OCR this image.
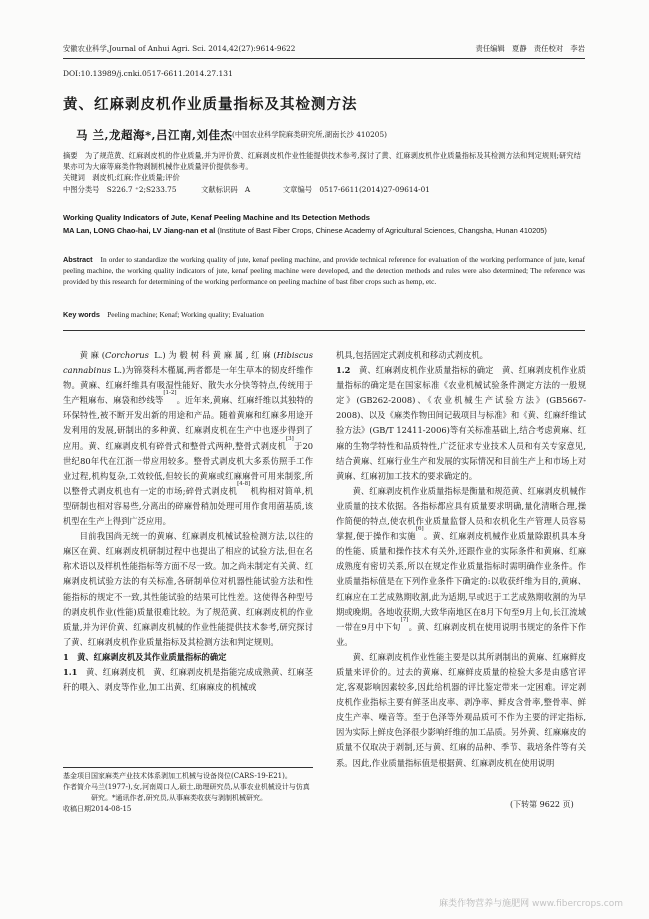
安徽农业科学,Journal of Anhui Agri. Sci. 2014,42(27):9614-9622	责任编辑　夏静　责任校对　李岩
DOI:10.13989/j.cnki.0517-6611.2014.27.131
黄、红麻剥皮机作业质量指标及其检测方法
马 兰,龙超海*,吕江南,刘佳杰 (中国农业科学院麻类研究所,湖南长沙 410205)
摘要　 为了规范黄、红麻剥皮机的作业质量,并为评价黄、红麻剥皮机作业性能提供技术参考,探讨了黄、红麻剥皮机作业质量指标及其检测方法和判定规则;研究结果亦可为大麻等麻类作物剥制机械作业质量评价提供参考。
关键词　 剥皮机;红麻;作业质量;评价
中图分类号　 S226.7 ⁺2;S233.75	文献标识码　 A	文章编号　 0517-6611(2014)27-09614-01
Working Quality Indicators of Jute, Kenaf Peeling Machine and Its Detection Methods
MA Lan, LONG Chao-hai, LV Jiang-nan et al (Institute of Bast Fiber Crops, Chinese Academy of Agricultural Sciences, Changsha, Hunan 410205)
Abstract　 In order to standardize the working quality of jute, kenaf peeling machine, and provide technical reference for evaluation of the working performance of jute, kenaf peeling machine, the working quality indicators of jute, kenaf peeling machine were developed, and the detection methods and rules were also determined; The reference was provided by this research for determining of the working performance on peeling machine of bast fiber crops such as hemp, etc.
Key words　 Peeling machine; Kenaf; Working quality; Evaluation

黄麻(Corchorus L.)为椴树科黄麻属,红麻(Hibiscus cannabinus L.)为锦葵科木槿属,两者都是一年生草本的韧皮纤维作物。黄麻、红麻纤维具有吸湿性能好、散失水分快等特点,传统用于生产粗麻布、麻袋和纱线等[1-2]。近年来,黄麻、红麻纤维以其独特的环保特性,被不断开发出新的用途和产品。随着黄麻和红麻多用途开发利用的发展,研制出的多种黄、红麻剥皮机在生产中也逐步得到了应用。黄、红麻剥皮机有碎骨式和整骨式两种,整骨式剥皮机[3]于20世纪80年代在江浙一带应用较多。整骨式剥皮机大多系仿照手工作业过程,机构复杂,工效较低,但较长的黄麻或红麻麻骨可用来制浆,所以整骨式剥皮机也有一定的市场;碎骨式剥皮机[4-8]机构相对简单,机型研制也相对容易些,分离出的碎麻骨稍加处理可用作食用菌基质,该机型在生产上得到广泛应用。

目前我国尚无统一的黄麻、红麻剥皮机械试验检测方法,以往的麻区在黄、红麻剥皮机研制过程中也提出了相应的试验方法,但在名称术语以及样机性能指标等方面不尽一致。加之尚未制定有关黄、红麻剥皮机试验方法的有关标准,各研制单位对机器性能试验方法和性能指标的规定不一致,其性能试验的结果可比性差。这使得各种型号的剥皮机作业(性能)质量很难比较。为了规范黄、红麻剥皮机的作业质量,并为评价黄、红麻剥皮机械的作业性能提供技术参考,研究探讨了黄、红麻剥皮机作业质量指标及其检测方法和判定规则。

1　黄、红麻剥皮机及其作业质量指标的确定

1.1　 黄、红麻剥皮机　黄、红麻剥皮机是指能完成成熟黄、红麻茎秆的喂入、剥皮等作业,加工出黄、红麻麻皮的机械或

基金项目 国家麻类产业技术体系剥加工机械与设备岗位(CARS-19-E21)。
作者简介 马兰(1977-),女,河南周口人,硕士,助理研究员,从事农业机械设计与仿真研究。*通讯作者,研究员,从事麻类收获与剥制机械研究。
收稿日期 2014-08-15

机具,包括固定式剥皮机和移动式剥皮机。

1.2　 黄、红麻剥皮机作业质量指标的确定　黄、红麻剥皮机作业质量指标的确定是在国家标准《农业机械试验条件测定方法的一般规定》(GB262-2008)、《农业机械生产试验方法》(GB5667-2008)、以及《麻类作物田间记载项目与标准》和《黄、红麻纤维试验方法》(GB/T 12411-2006)等有关标准基础上,结合考虑黄麻、红麻的生物学特性和品质特性,广泛征求专业技术人员和有关专家意见,结合黄麻、红麻行业生产和发展的实际情况和目前生产上和市场上对黄麻、红麻初加工技术的要求确定的。

黄、红麻剥皮机作业质量指标是衡量和规范黄、红麻剥皮机械作业质量的技术依据。各指标都应具有质量要求明确,量化清晰合理,操作简便的特点,使农机作业质量监督人员和农机化生产管理人员容易掌握,便于操作和实施[6]。黄、红麻剥皮机械作业质量除跟机具本身的性能、质量和操作技术有关外,还跟作业的实际条件和黄麻、红麻成熟度有密切关系,所以在规定作业质量指标时需明确作业条件。作业质量指标值是在下列作业条件下确定的:以收获纤维为目的,黄麻、红麻应在工艺成熟期收割,此为适期,早或迟于工艺成熟期收割的为早期或晚期。各地收获期,大致华南地区在8月下旬至9月上旬,长江流域一带在9月中下旬[7]。黄、红麻剥皮机在使用说明书规定的条件下作业。

黄、红麻剥皮机作业性能主要是以其所剥制出的黄麻、红麻鲜皮质量来评价的。过去的黄麻、红麻鲜皮质量的检验大多是由感官评定,客观影响因素较多,因此给机器的评比鉴定带来一定困难。评定剥皮机作业指标主要有鲜茎出皮率、剥净率、鲜皮含骨率,整骨率、鲜皮生产率、噪音等。至于色泽等外观品质可不作为主要的评定指标,因为实际上鲜皮色泽很少影响纤维的加工品质。另外黄、红麻麻皮的质量不仅取决于剥制,还与黄、红麻的品种、季节、栽培条件等有关系。因此,作业质量指标值是根据黄、红麻剥皮机在使用说明

(下转第 9622 页)
麻类作物营养与施肥网 www.fibercrops.com
